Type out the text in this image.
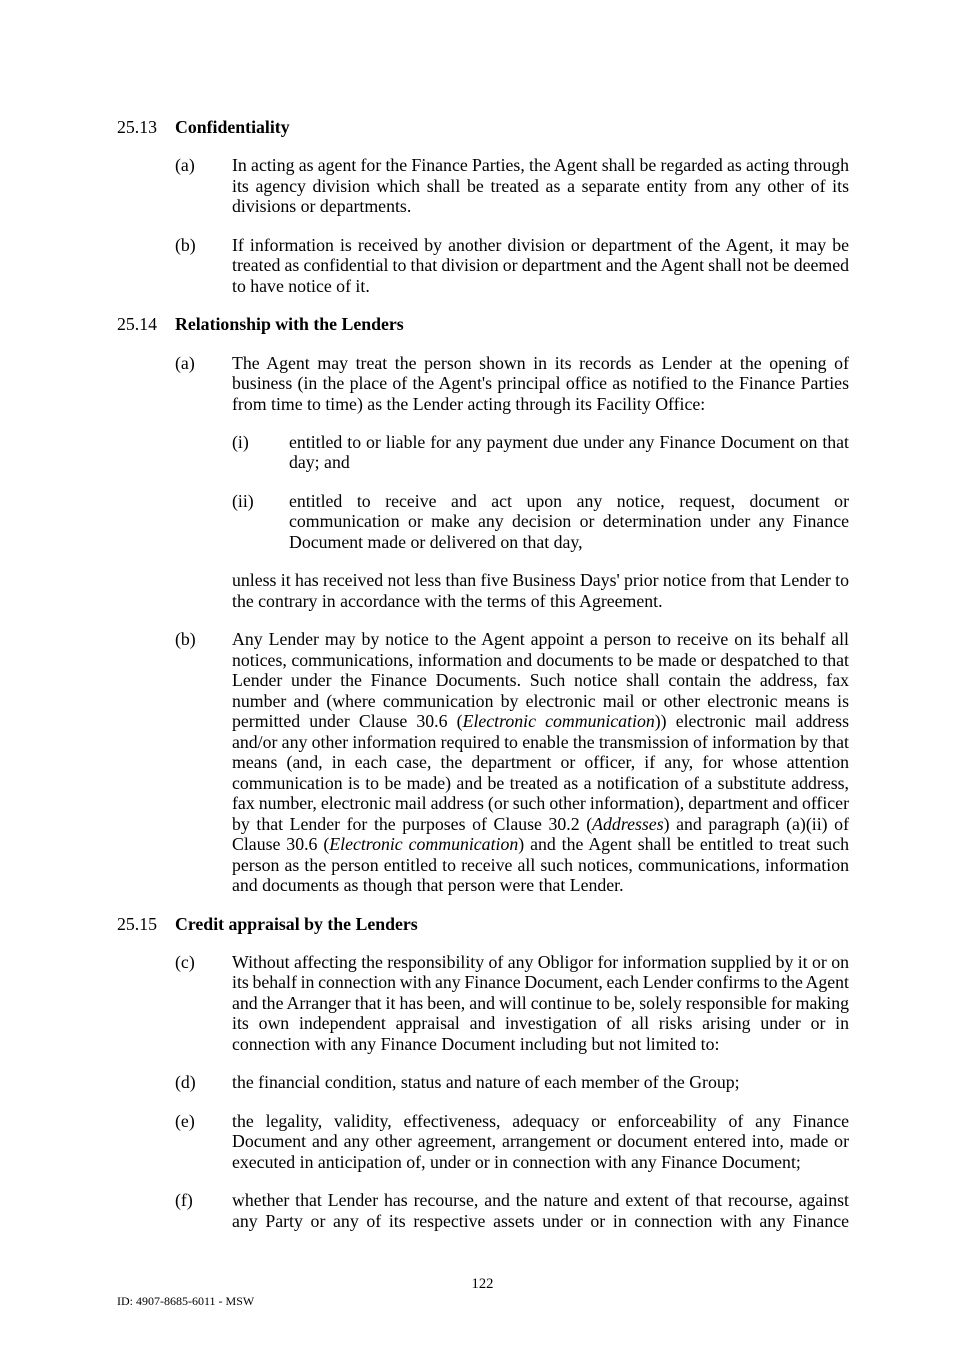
25.13 Confidentiality
(a) In acting as agent for the Finance Parties, the Agent shall be regarded as acting through
its agency division which shall be treated as a separate entity from any other of its
divisions or departments.
(b) If information is received by another division or department of the Agent, it may be
treated as confidential to that division or department and the Agent shall not be deemed
to have notice of it.
25.14 Relationship with the Lenders
(a) The Agent may treat the person shown in its records as Lender at the opening of
business (in the place of the Agent's principal office as notified to the Finance Parties
from time to time) as the Lender acting through its Facility Office:
(i) entitled to or liable for any payment due under any Finance Document on that
day; and
(ii) entitled to receive and act upon any notice, request, document or
communication or make any decision or determination under any Finance
Document made or delivered on that day,
unless it has received not less than five Business Days' prior notice from that Lender to
the contrary in accordance with the terms of this Agreement.
(b) Any Lender may by notice to the Agent appoint a person to receive on its behalf all
notices, communications, information and documents to be made or despatched to that
Lender under the Finance Documents. Such notice shall contain the address, fax
number and (where communication by electronic mail or other electronic means is
permitted under Clause 30.6 (Electronic communication)) electronic mail address
and/or any other information required to enable the transmission of information by that
means (and, in each case, the department or officer, if any, for whose attention
communication is to be made) and be treated as a notification of a substitute address,
fax number, electronic mail address (or such other information), department and officer
by that Lender for the purposes of Clause 30.2 (Addresses) and paragraph (a)(ii) of
Clause 30.6 (Electronic communication) and the Agent shall be entitled to treat such
person as the person entitled to receive all such notices, communications, information
and documents as though that person were that Lender.
25.15 Credit appraisal by the Lenders
(c) Without affecting the responsibility of any Obligor for information supplied by it or on
its behalf in connection with any Finance Document, each Lender confirms to the Agent
and the Arranger that it has been, and will continue to be, solely responsible for making
its own independent appraisal and investigation of all risks arising under or in
connection with any Finance Document including but not limited to:
(d) the financial condition, status and nature of each member of the Group;
(e) the legality, validity, effectiveness, adequacy or enforceability of any Finance
Document and any other agreement, arrangement or document entered into, made or
executed in anticipation of, under or in connection with any Finance Document;
(f) whether that Lender has recourse, and the nature and extent of that recourse, against
any Party or any of its respective assets under or in connection with any Finance
122
ID: 4907-8685-6011 - MSW
